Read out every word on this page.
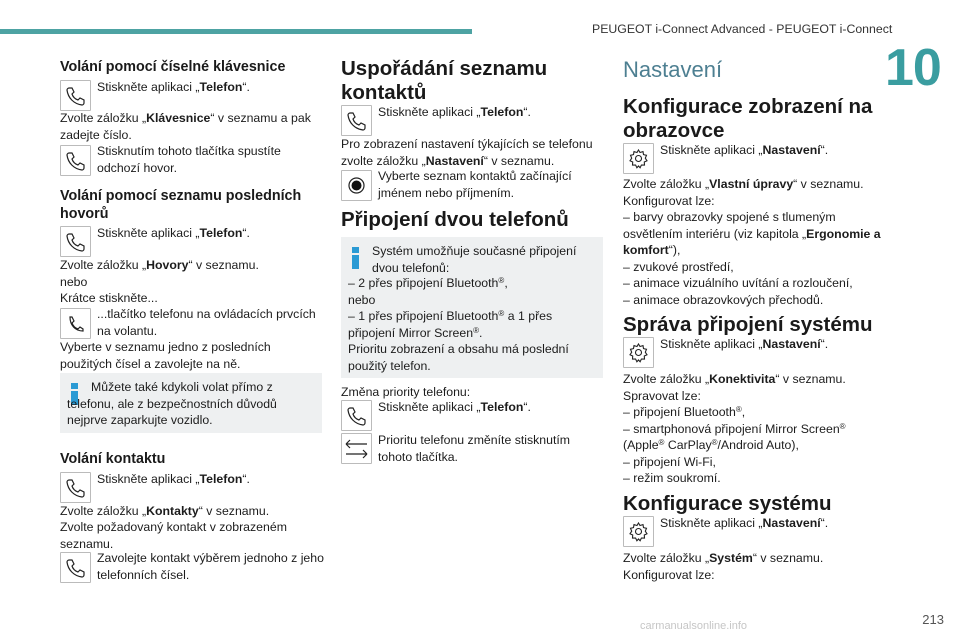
PEUGEOT i-Connect Advanced - PEUGEOT i-Connect
10
Volání pomocí číselné klávesnice
Stiskněte aplikaci „Telefon“.
Zvolte záložku „Klávesnice“ v seznamu a pak zadejte číslo.
Stisknutím tohoto tlačítka spustíte odchozí hovor.
Volání pomocí seznamu posledních hovorů
Stiskněte aplikaci „Telefon“.
Zvolte záložku „Hovory“ v seznamu.
nebo
Krátce stiskněte...
...tlačítko telefonu na ovládacích prvcích na volantu.
Vyberte v seznamu jedno z posledních použitých čísel a zavolejte na ně.
Můžete také kdykoli volat přímo z telefonu, ale z bezpečnostních důvodů nejprve zaparkujte vozidlo.
Volání kontaktu
Stiskněte aplikaci „Telefon“.
Zvolte záložku „Kontakty“ v seznamu.
Zvolte požadovaný kontakt v zobrazeném seznamu.
Zavolejte kontakt výběrem jednoho z jeho telefonních čísel.
Uspořádání seznamu kontaktů
Stiskněte aplikaci „Telefon“.
Pro zobrazení nastavení týkajících se telefonu zvolte záložku „Nastavení“ v seznamu.
Vyberte seznam kontaktů začínající jménem nebo příjmením.
Připojení dvou telefonů
Systém umožňuje současné připojení dvou telefonů:
– 2 přes připojení Bluetooth®,
nebo
– 1 přes připojení Bluetooth® a 1 přes připojení Mirror Screen®.
Prioritu zobrazení a obsahu má poslední použitý telefon.
Změna priority telefonu:
Stiskněte aplikaci „Telefon“.
Prioritu telefonu změníte stisknutím tohoto tlačítka.
Nastavení
Konfigurace zobrazení na obrazovce
Stiskněte aplikaci „Nastavení“.
Zvolte záložku „Vlastní úpravy“ v seznamu.
Konfigurovat lze:
– barvy obrazovky spojené s tlumeným osvětlením interiéru (viz kapitola „Ergonomie a komfort“),
– zvukové prostředí,
– animace vizuálního uvítání a rozloučení,
– animace obrazovkových přechodů.
Správa připojení systému
Stiskněte aplikaci „Nastavení“.
Zvolte záložku „Konektivita“ v seznamu.
Spravovat lze:
– připojení Bluetooth®,
– smartphonová připojení Mirror Screen® (Apple® CarPlay®/Android Auto),
– připojení Wi-Fi,
– režim soukromí.
Konfigurace systému
Stiskněte aplikaci „Nastavení“.
Zvolte záložku „Systém“ v seznamu.
Konfigurovat lze:
213
carmanualsonline.info
